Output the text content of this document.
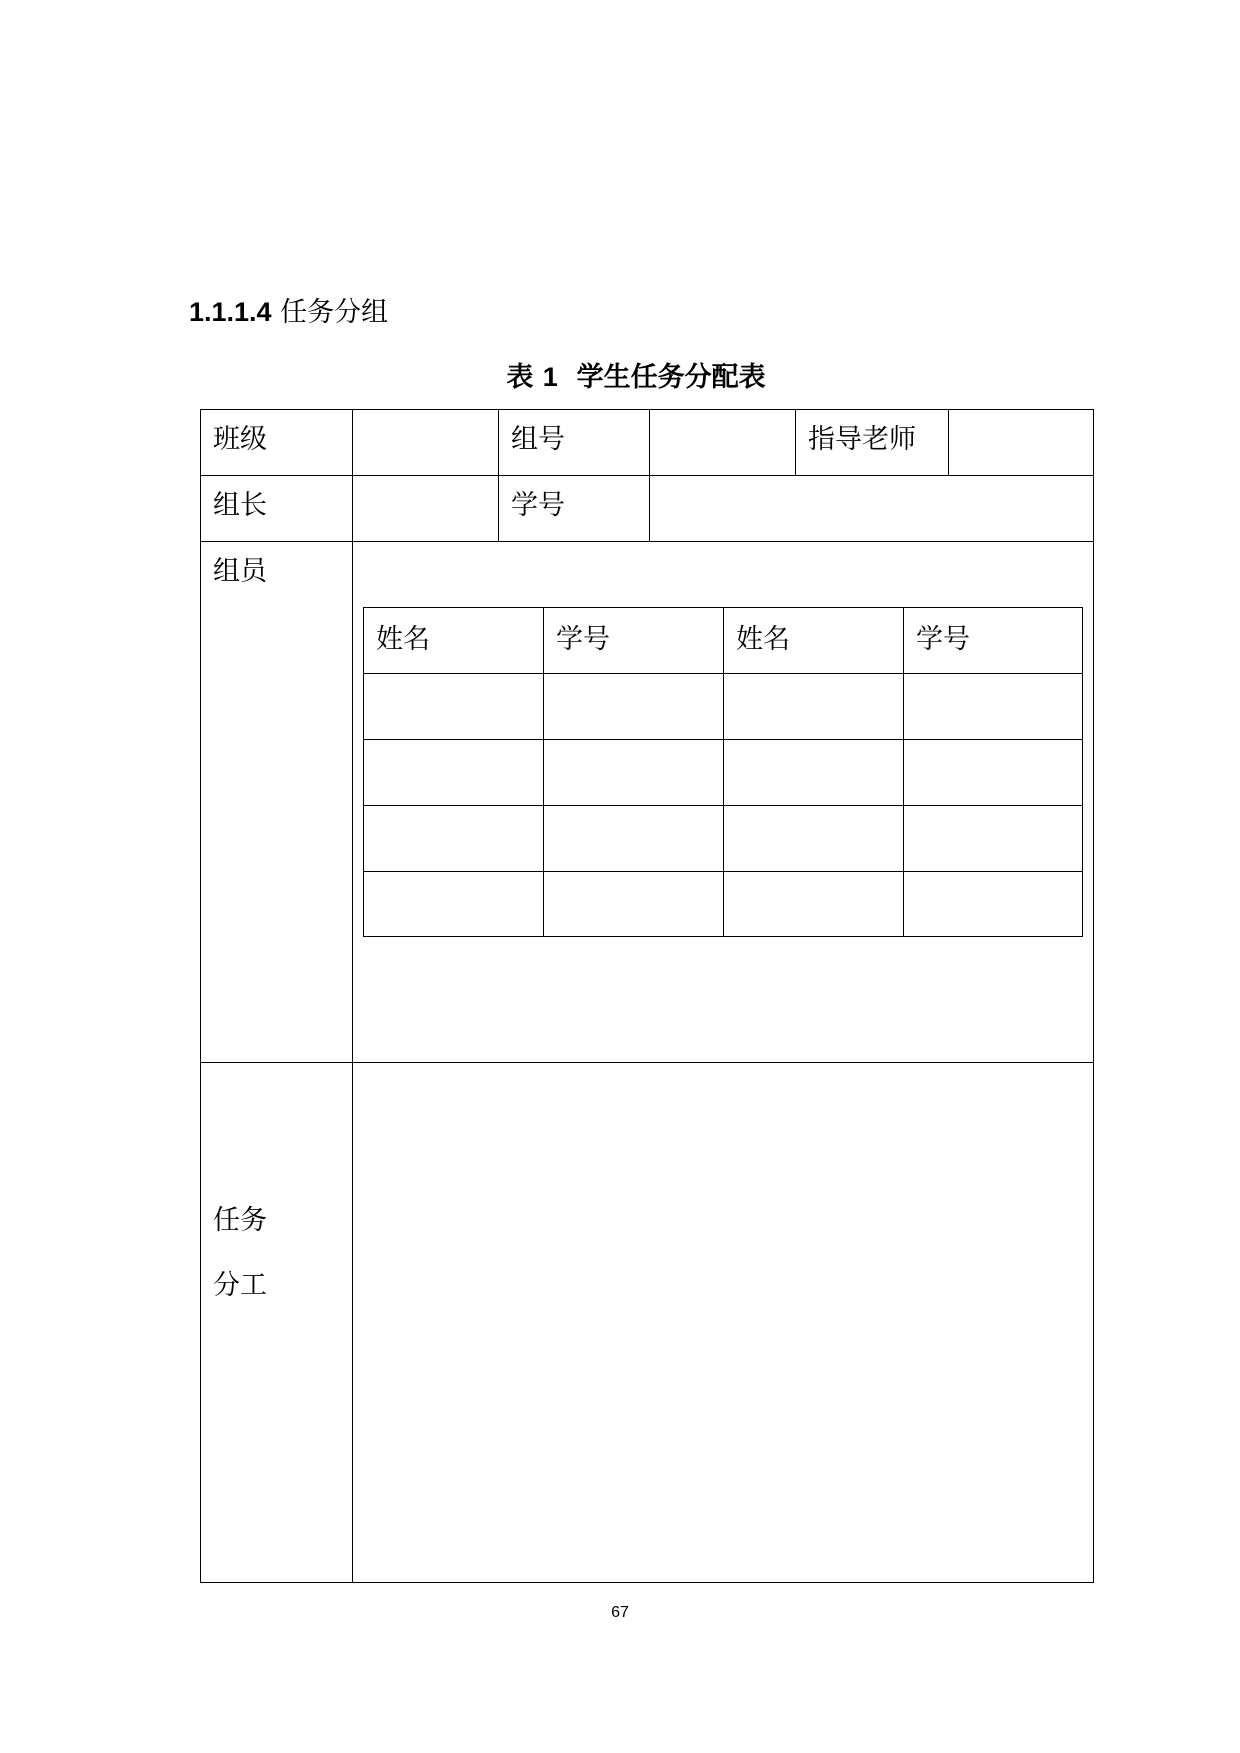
1.1.1.4 任务分组
表 1 学生任务分配表
班级	组号	指导老师
组长	学号
组员
姓名	学号	姓名	学号
任务
分工
67
